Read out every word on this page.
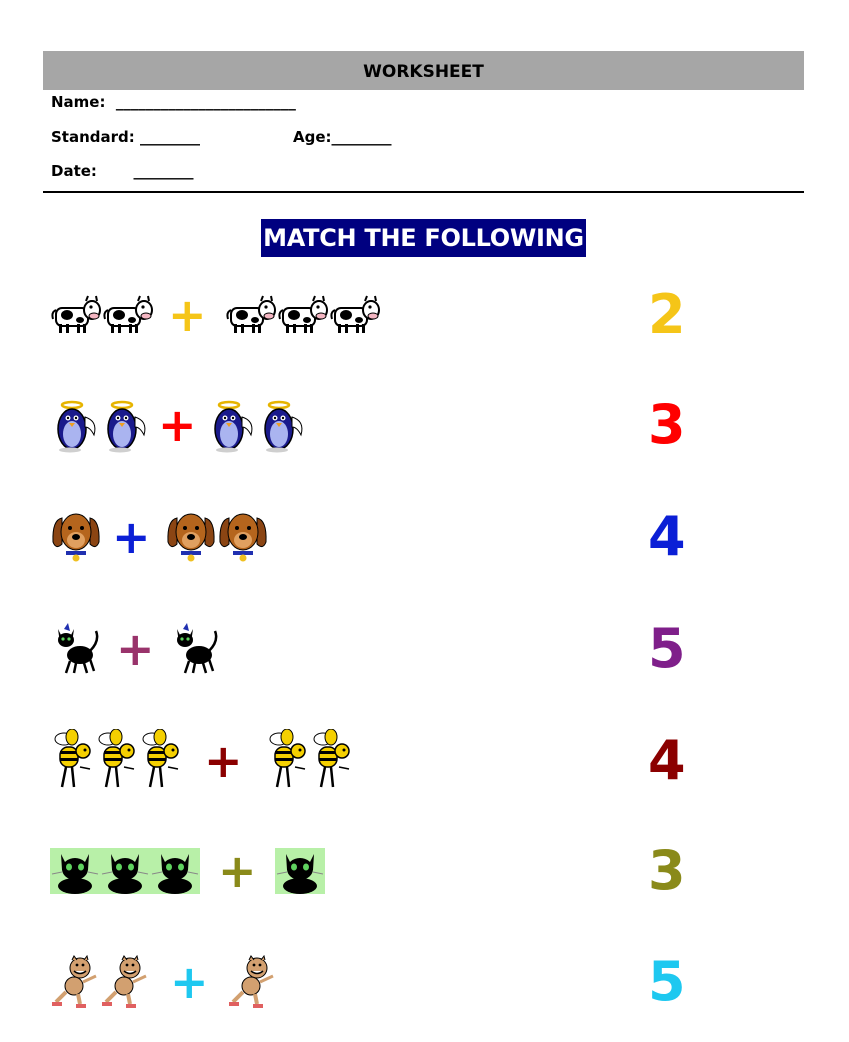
WORKSHEET
Name:  ________________________
Standard: ________	Age:________
Date:       ________
MATCH THE FOLLOWING
+	2
+	3
+	4
+	5
+	4
+	3
+	5
